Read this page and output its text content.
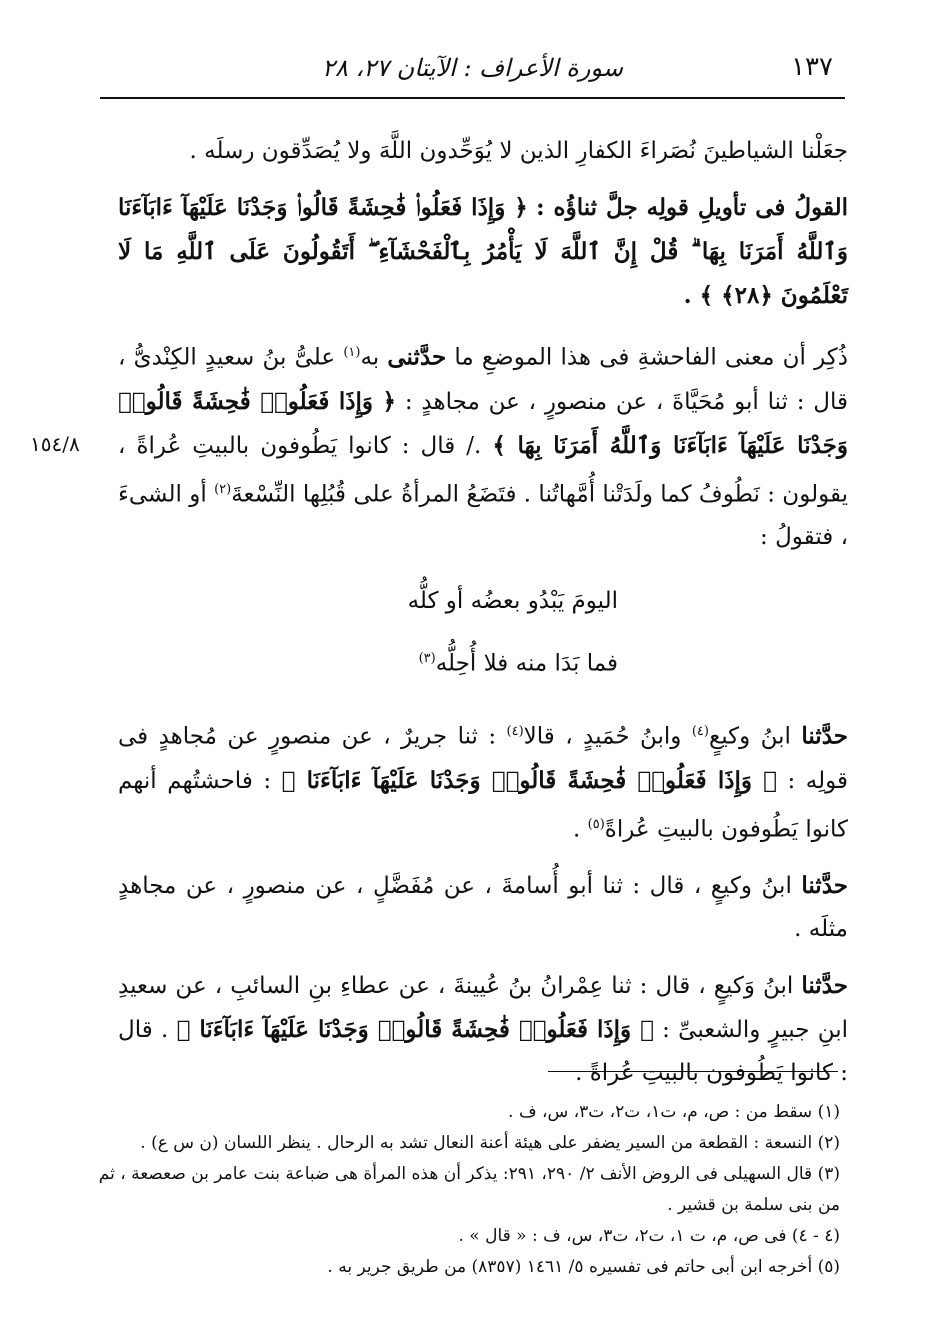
١٣٧
سورة الأعراف : الآيتان ٢٧، ٢٨
١٥٤/٨

جعَلْنا الشياطينَ نُصَراءَ الكفارِ الذين لا يُوَحِّدون اللَّهَ ولا يُصَدِّقون رسلَه .

القولُ فى تأويلِ قولِه جلَّ ثناؤُه : ﴿ وَإِذَا فَعَلُوا۟ فَٰحِشَةً قَالُوا۟ وَجَدْنَا عَلَيْهَآ ءَابَآءَنَا وَٱللَّهُ أَمَرَنَا بِهَا ۗ قُلْ إِنَّ ٱللَّهَ لَا يَأْمُرُ بِٱلْفَحْشَآءِ ۖ أَتَقُولُونَ عَلَى ٱللَّهِ مَا لَا تَعْلَمُونَ ﴿٢٨﴾ ﴾ .

ذُكِر أن معنى الفاحشةِ فى هذا الموضعِ ما حدَّثنى به$^{(١)}$ علىُّ بنُ سعيدٍ الكِنْدىُّ ، قال : ثنا أبو مُحَيَّاةَ ، عن منصورٍ ، عن مجاهدٍ : ﴿ وَإِذَا فَعَلُوا۟ فَٰحِشَةً قَالُوا۟ وَجَدْنَا عَلَيْهَآ ءَابَآءَنَا وَٱللَّهُ أَمَرَنَا بِهَا ﴾ ./ قال : كانوا يَطُوفون بالبيتِ عُراةً ، يقولون : نَطُوفُ كما ولَدَتْنا أُمَّهاتُنا . فتَضَعُ المرأةُ على قُبُلِها النِّسْعةَ$^{(٢)}$ أو الشىءَ ، فتقولُ :

اليومَ يَبْدُو بعضُه أو كلُّه
فما بَدَا منه فلا أُحِلُّه$^{(٣)}$

حدَّثنا ابنُ وكيعٍ$^{(٤)}$ وابنُ حُمَيدٍ ، قالا$^{(٤)}$ : ثنا جريرٌ ، عن منصورٍ عن مُجاهدٍ فى قولِه : ﴿ وَإِذَا فَعَلُوا۟ فَٰحِشَةً قَالُوا۟ وَجَدْنَا عَلَيْهَآ ءَابَآءَنَا ﴾ : فاحشتُهم أنهم كانوا يَطُوفون بالبيتِ عُراةً$^{(٥)}$ .

حدَّثنا ابنُ وكيعٍ ، قال : ثنا أبو أُسامةَ ، عن مُفَضَّلٍ ، عن منصورٍ ، عن مجاهدٍ مثلَه .

حدَّثنا ابنُ وَكيعٍ ، قال : ثنا عِمْرانُ بنُ عُيينةَ ، عن عطاءِ بنِ السائبِ ، عن سعيدِ ابنِ جبيرٍ والشعبىِّ : ﴿ وَإِذَا فَعَلُوا۟ فَٰحِشَةً قَالُوا۟ وَجَدْنَا عَلَيْهَآ ءَابَآءَنَا ﴾ . قال : كانوا يَطُوفون بالبيتِ عُراةً .

(١) سقط من : ص، م، ت١، ت٢، ت٣، س، ف .

(٢) النسعة : القطعة من السير يضفر على هيئة أعنة النعال تشد به الرحال . ينظر اللسان (ن س ع) .

(٣) قال السهيلى فى الروض الأنف ٢/ ٢٩٠، ٢٩١: يذكر أن هذه المرأة هى ضباعة بنت عامر بن صعصعة ، ثم من بنى سلمة بن قشير .

(٤ - ٤) فى ص، م، ت ١، ت٢، ت٣، س، ف : « قال » .

(٥) أخرجه ابن أبى حاتم فى تفسيره ٥/ ١٤٦١ (٨٣٥٧) من طريق جرير به .
